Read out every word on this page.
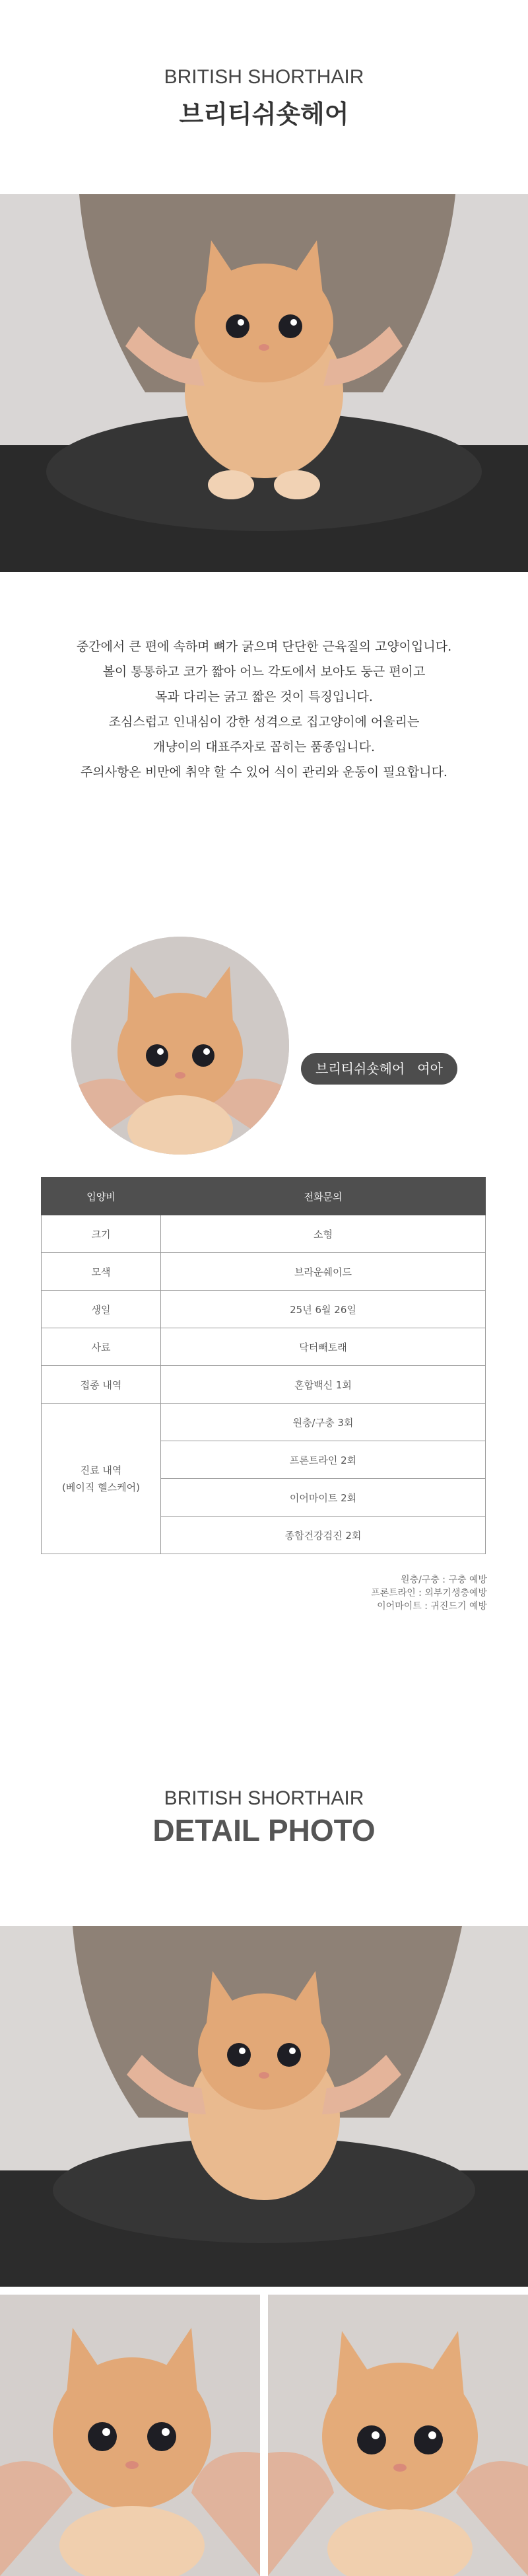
BRITISH SHORTHAIR
브리티쉬숏헤어
중간에서 큰 편에 속하며 뼈가 굵으며 단단한 근육질의 고양이입니다.
볼이 통통하고 코가 짧아 어느 각도에서 보아도 둥근 편이고
목과 다리는 굵고 짧은 것이 특징입니다.
조심스럽고 인내심이 강한 성격으로 집고양이에 어울리는
개냥이의 대표주자로 꼽히는 품종입니다.
주의사항은 비만에 취약 할 수 있어 식이 관리와 운동이 필요합니다.
브리티쉬숏헤어   여아
입양비	전화문의
크기	소형
모색	브라운쉐이드
생일	25년 6월 26일
사료	닥터빼토래
접종 내역	혼합백신 1회

진료 내역
(베이직 헬스케어)	원충/구충 3회
	프론트라인 2회
	이어마이트 2회
	종합건강검진 2회
원충/구충 : 구충 예방
프론트라인 : 외부기생충예방
이어마이트 : 귀진드기 예방
BRITISH SHORTHAIR
DETAIL PHOTO
